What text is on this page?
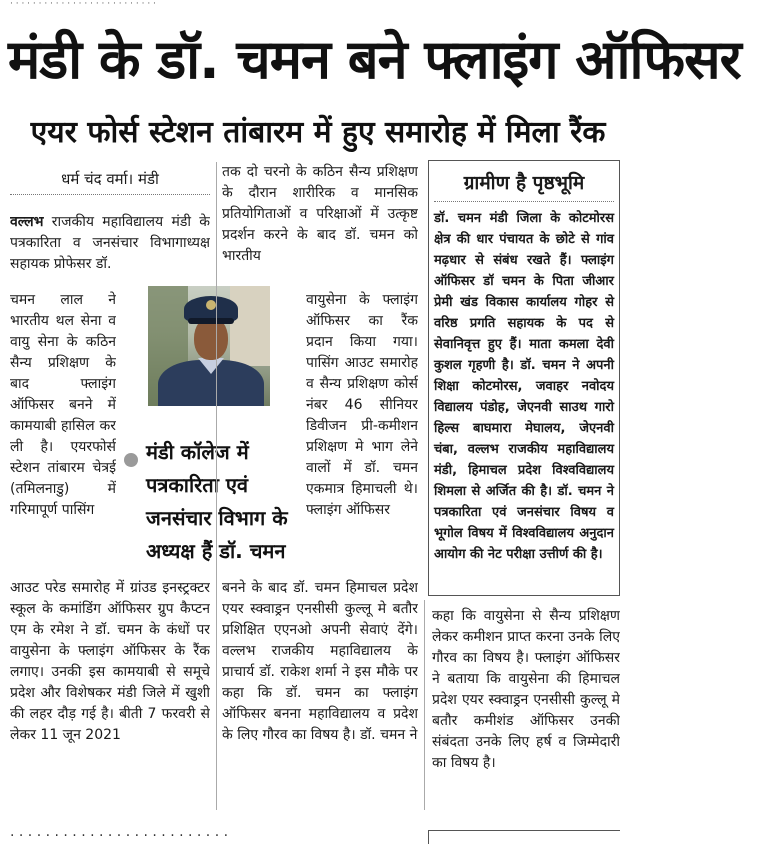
· · · · · · · · · · · · · · · · · · · · · · · · · ·
मंडी के डॉ. चमन बने फ्लाइंग ऑफिसर
एयर फोर्स स्टेशन तांबारम में हुए समारोह में मिला रैंक
धर्म चंद वर्मा। मंडी

वल्लभ राजकीय महाविद्यालय मंडी के पत्रकारिता व जनसंचार विभागाध्यक्ष सहायक प्रोफेसर डॉ.

चमन लाल ने भारतीय थल सेना व वायु सेना के कठिन सैन्य प्रशिक्षण के बाद फ्लाइंग ऑफिसर बनने में कामयाबी हासिल कर ली है। एयरफोर्स स्टेशन तांबारम चेत्रई (तमिलनाडु) में गरिमापूर्ण पासिंग

आउट परेड समारोह में ग्रांउड इनस्ट्रक्टर स्कूल के कमांडिंग ऑफिसर ग्रुप कैप्टन एम के रमेश ने डॉ. चमन के कंधों पर वायुसेना के फ्लाइंग ऑफिसर के रैंक लगाए। उनकी इस कामयाबी से समूचे प्रदेश और विशेषकर मंडी जिले में खुशी की लहर दौड़ गई है। बीती 7 फरवरी से लेकर 11 जून 2021

मंडी कॉलेज में पत्रकारिता एवं जनसंचार विभाग के अध्यक्ष हैं डॉ. चमन

तक दो चरनो के कठिन सैन्य प्रशिक्षण के दौरान शारीरिक व मानसिक प्रतियोगिताओं व परिक्षाओं में उत्कृष्ट प्रदर्शन करने के बाद डॉ. चमन को भारतीय

वायुसेना के फ्लाइंग ऑफिसर का रैंक प्रदान किया गया। पासिंग आउट समारोह व सैन्य प्रशिक्षण कोर्स नंबर 46 सीनियर डिवीजन प्री-कमीशन प्रशिक्षण मे भाग लेने वालों में डॉ. चमन एकमात्र हिमाचली थे। फ्लाइंग ऑफिसर

बनने के बाद डॉ. चमन हिमाचल प्रदेश एयर स्क्वाड्रन एनसीसी कुल्लू मे बतौर प्रशिक्षित एएनओ अपनी सेवाएं देंगे। वल्लभ राजकीय महाविद्यालय के प्राचार्य डॉ. राकेश शर्मा ने इस मौके पर कहा कि डॉ. चमन का फ्लाइंग ऑफिसर बनना महाविद्यालय व प्रदेश के लिए गौरव का विषय है। डॉ. चमन ने

ग्रामीण है पृष्ठभूमि
डॉ. चमन मंडी जिला के कोटमोरस क्षेत्र की धार पंचायत के छोटे से गांव मढ़धार से संबंध रखते हैं। फ्लाइंग ऑफिसर डॉ चमन के पिता जीआर प्रेमी खंड विकास कार्यालय गोहर से वरिष्ठ प्रगति सहायक के पद से सेवानिवृत्त हुए हैं। माता कमला देवी कुशल गृहणी है। डॉ. चमन ने अपनी शिक्षा कोटमोरस, जवाहर नवोदय विद्यालय पंडोह, जेएनवी साउथ गारो हिल्स बाघमारा मेघालय, जेएनवी चंबा, वल्लभ राजकीय महाविद्यालय मंडी, हिमाचल प्रदेश विश्वविद्यालय शिमला से अर्जित की है। डॉ. चमन ने पत्रकारिता एवं जनसंचार विषय व भूगोल विषय में विश्वविद्यालय अनुदान आयोग की नेट परीक्षा उत्तीर्ण की है।

कहा कि वायुसेना से सैन्य प्रशिक्षण लेकर कमीशन प्राप्त करना उनके लिए गौरव का विषय है। फ्लाइंग ऑफिसर ने बताया कि वायुसेना की हिमाचल प्रदेश एयर स्क्वाड्रन एनसीसी कुल्लू मे बतौर कमीशंड ऑफिसर उनकी संबंदता उनके लिए हर्ष व जिम्मेदारी का विषय है।

· · · · · · · · · · · · · · · · · · · · · · · · ·
